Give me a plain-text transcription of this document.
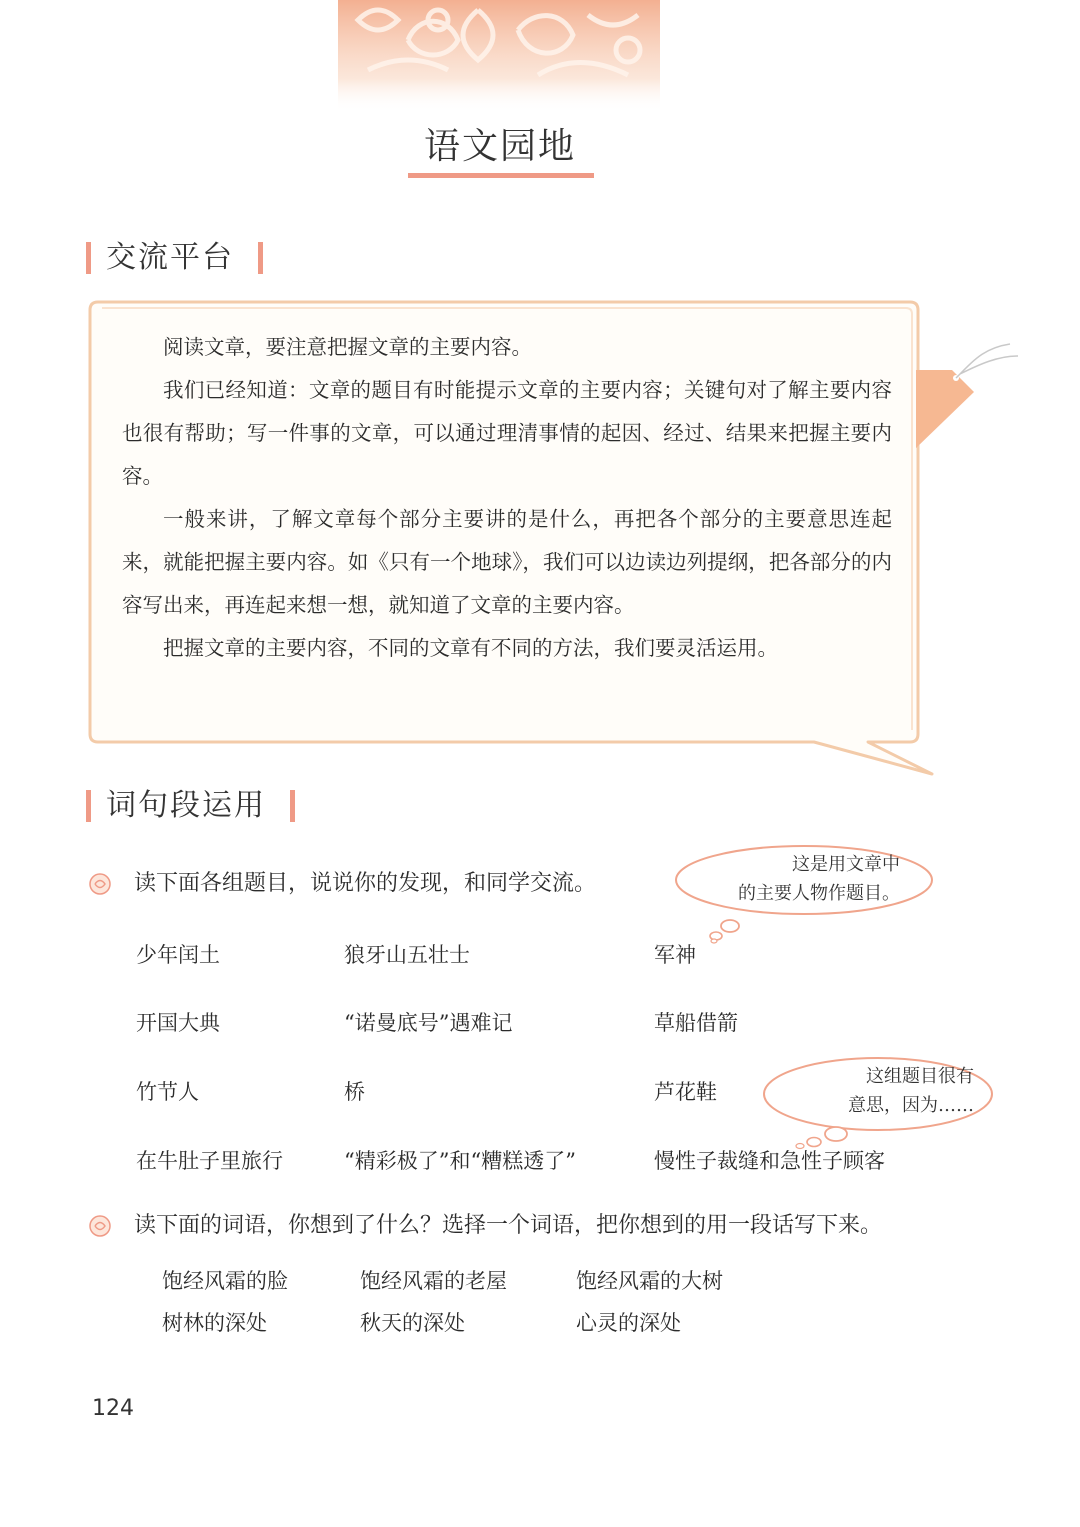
语文园地
交流平台

阅读文章，要注意把握文章的主要内容。

我们已经知道：文章的题目有时能提示文章的主要内容；关键句对了解主要内容也很有帮助；写一件事的文章，可以通过理清事情的起因、经过、结果来把握主要内容。

一般来讲，了解文章每个部分主要讲的是什么，再把各个部分的主要意思连起来，就能把握主要内容。如《只有一个地球》，我们可以边读边列提纲，把各部分的内容写出来，再连起来想一想，就知道了文章的主要内容。

把握文章的主要内容，不同的文章有不同的方法，我们要灵活运用。

词句段运用
读下面各组题目，说说你的发现，和同学交流。
少年闰土	狼牙山五壮士	军神
开国大典	“诺曼底号”遇难记	草船借箭
竹节人	桥	芦花鞋
在牛肚子里旅行	“精彩极了”和“糟糕透了”	慢性子裁缝和急性子顾客
这是用文章中
的主要人物作题目。
这组题目很有
意思，因为……
读下面的词语，你想到了什么？选择一个词语，把你想到的用一段话写下来。
饱经风霜的脸	饱经风霜的老屋	饱经风霜的大树
树林的深处	秋天的深处	心灵的深处
124
